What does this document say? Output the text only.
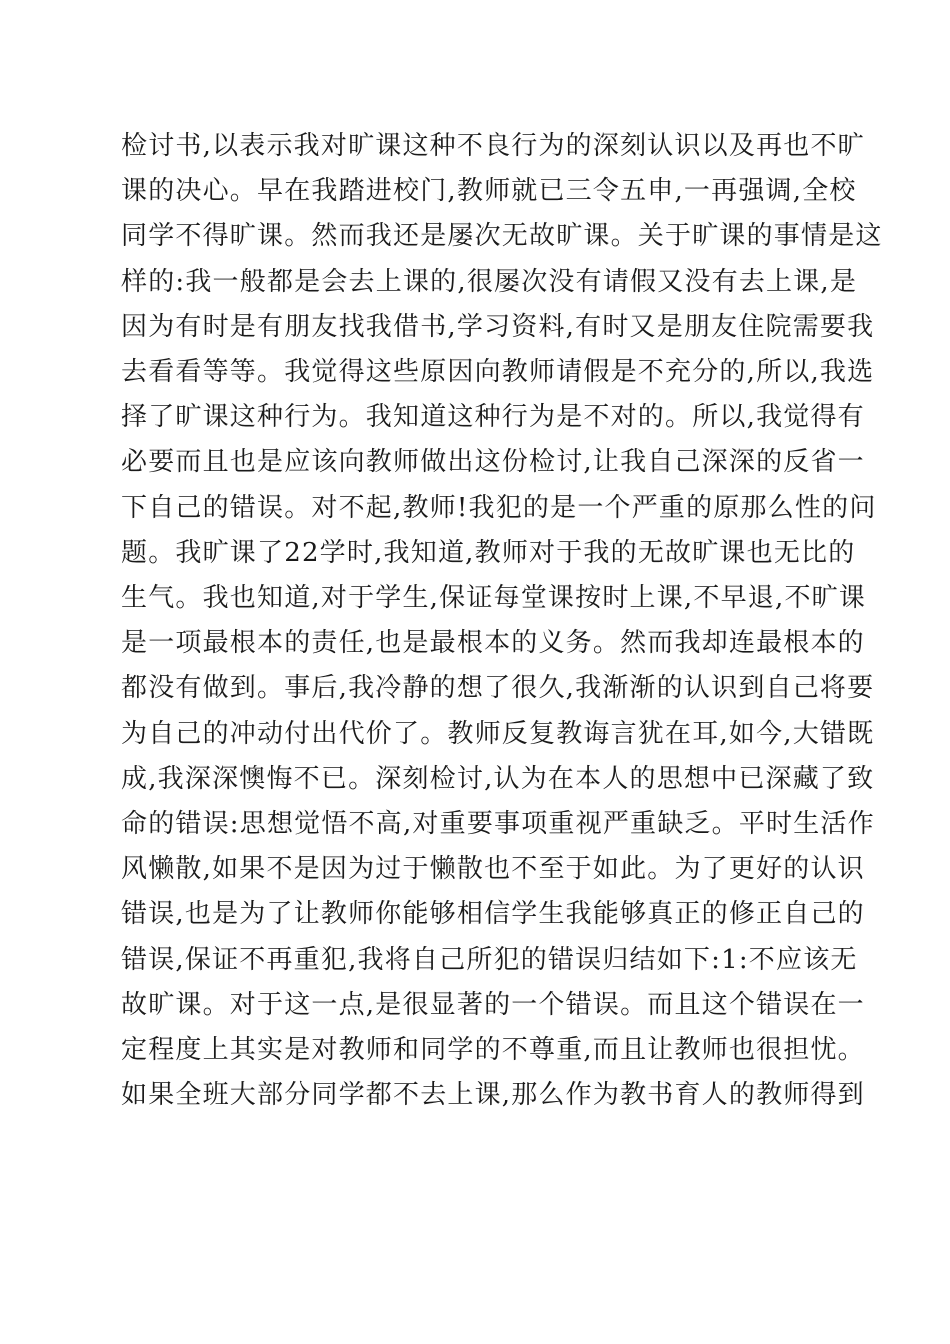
检讨书,以表示我对旷课这种不良行为的深刻认识以及再也不旷
课的决心。早在我踏进校门,教师就已三令五申,一再强调,全校
同学不得旷课。然而我还是屡次无故旷课。关于旷课的事情是这
样的:我一般都是会去上课的,很屡次没有请假又没有去上课,是
因为有时是有朋友找我借书,学习资料,有时又是朋友住院需要我
去看看等等。我觉得这些原因向教师请假是不充分的,所以,我选
择了旷课这种行为。我知道这种行为是不对的。所以,我觉得有
必要而且也是应该向教师做出这份检讨,让我自己深深的反省一
下自己的错误。对不起,教师!我犯的是一个严重的原那么性的问
题。我旷课了22学时,我知道,教师对于我的无故旷课也无比的
生气。我也知道,对于学生,保证每堂课按时上课,不早退,不旷课
是一项最根本的责任,也是最根本的义务。然而我却连最根本的
都没有做到。事后,我冷静的想了很久,我渐渐的认识到自己将要
为自己的冲动付出代价了。教师反复教诲言犹在耳,如今,大错既
成,我深深懊悔不已。深刻检讨,认为在本人的思想中已深藏了致
命的错误:思想觉悟不高,对重要事项重视严重缺乏。平时生活作
风懒散,如果不是因为过于懒散也不至于如此。为了更好的认识
错误,也是为了让教师你能够相信学生我能够真正的修正自己的
错误,保证不再重犯,我将自己所犯的错误归结如下:1:不应该无
故旷课。对于这一点,是很显著的一个错误。而且这个错误在一
定程度上其实是对教师和同学的不尊重,而且让教师也很担忧。
如果全班大部分同学都不去上课,那么作为教书育人的教师得到
